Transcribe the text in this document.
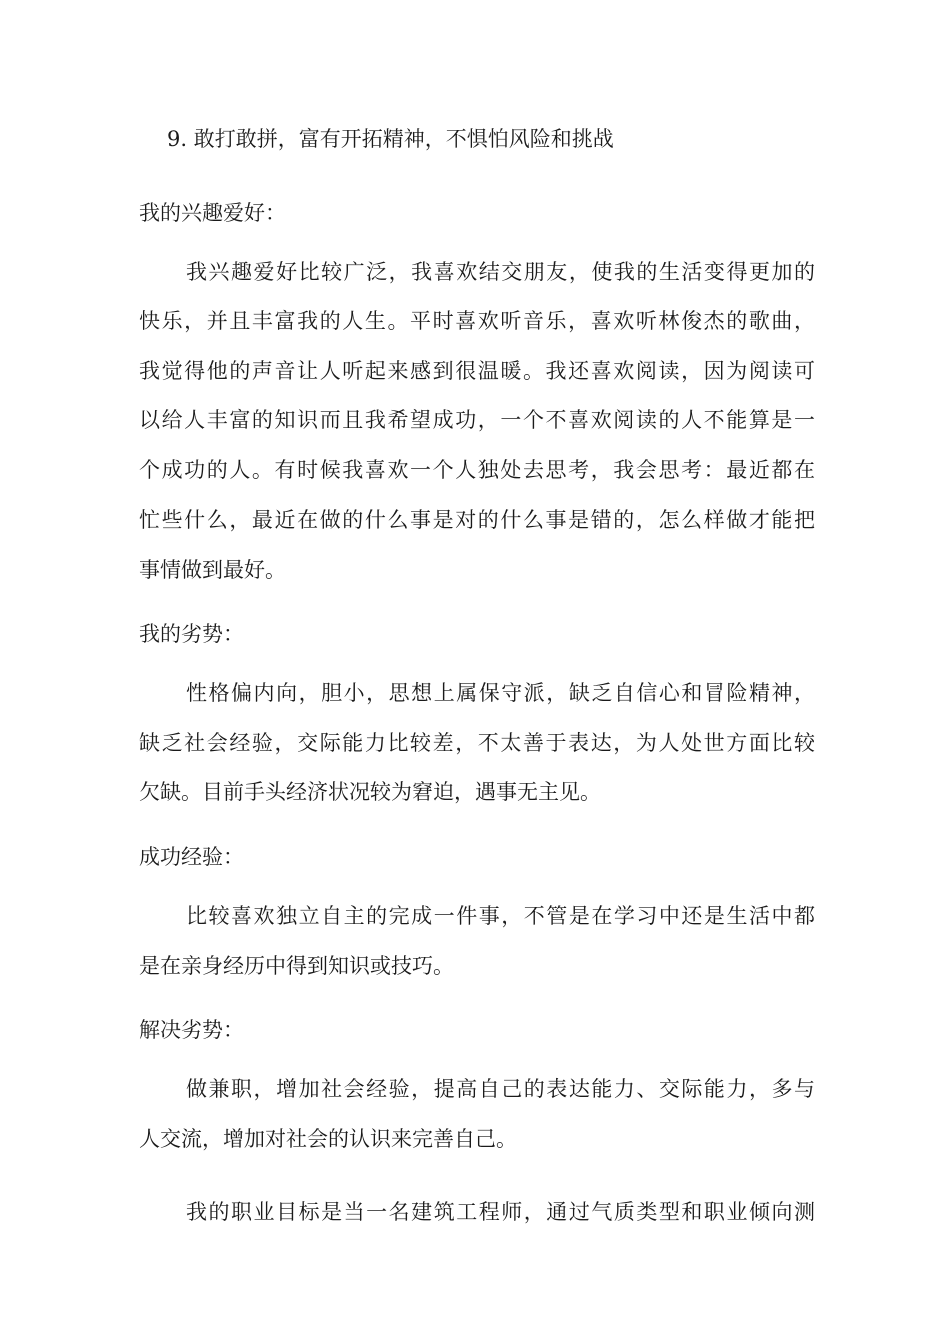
9. 敢打敢拼，富有开拓精神，不惧怕风险和挑战
我的兴趣爱好：
我兴趣爱好比较广泛，我喜欢结交朋友，使我的生活变得更加的
快乐，并且丰富我的人生。平时喜欢听音乐，喜欢听林俊杰的歌曲，
我觉得他的声音让人听起来感到很温暖。我还喜欢阅读，因为阅读可
以给人丰富的知识而且我希望成功，一个不喜欢阅读的人不能算是一
个成功的人。有时候我喜欢一个人独处去思考，我会思考：最近都在
忙些什么，最近在做的什么事是对的什么事是错的，怎么样做才能把
事情做到最好。
我的劣势：
性格偏内向，胆小，思想上属保守派，缺乏自信心和冒险精神，
缺乏社会经验，交际能力比较差，不太善于表达，为人处世方面比较
欠缺。目前手头经济状况较为窘迫，遇事无主见。
成功经验：
比较喜欢独立自主的完成一件事，不管是在学习中还是生活中都
是在亲身经历中得到知识或技巧。
解决劣势：
做兼职，增加社会经验，提高自己的表达能力、交际能力，多与
人交流，增加对社会的认识来完善自己。
我的职业目标是当一名建筑工程师，通过气质类型和职业倾向测
